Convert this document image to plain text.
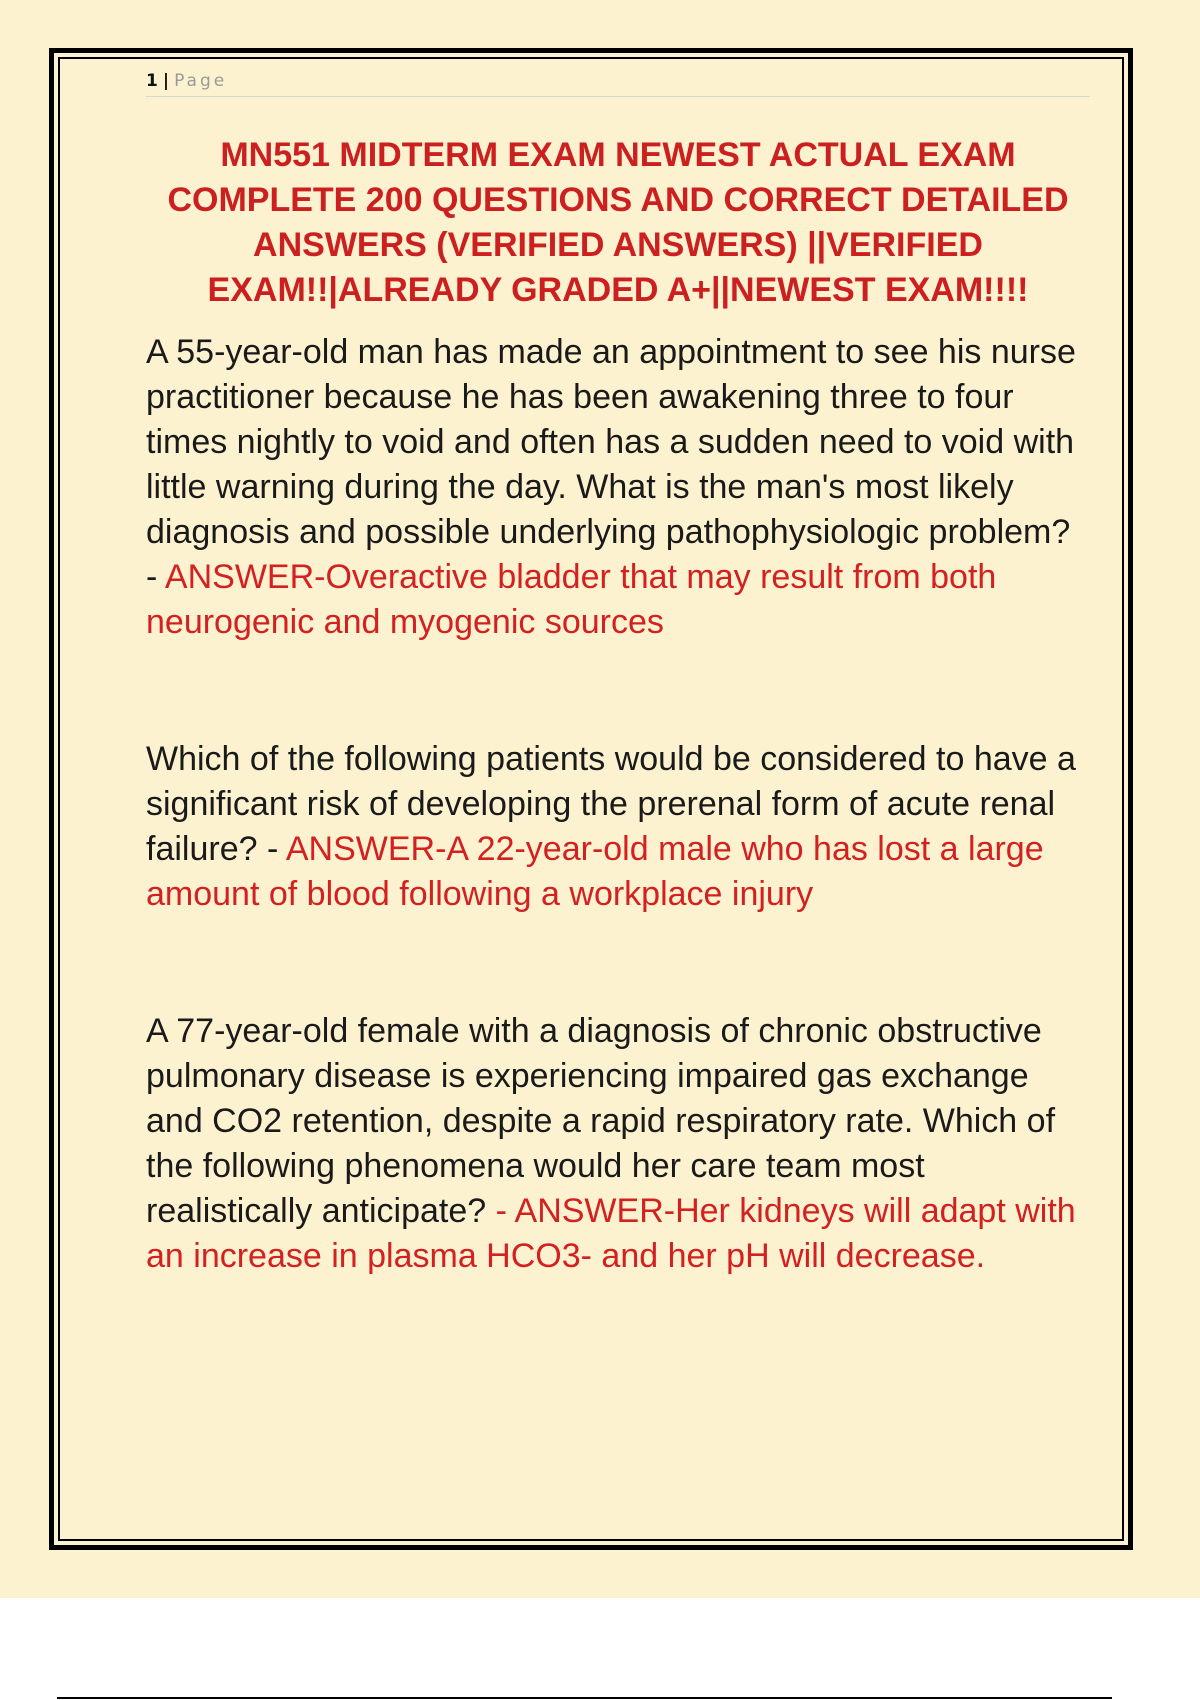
1 | Page
MN551 MIDTERM EXAM NEWEST ACTUAL EXAM COMPLETE 200 QUESTIONS AND CORRECT DETAILED ANSWERS (VERIFIED ANSWERS) ||VERIFIED EXAM!!|ALREADY GRADED A+||NEWEST EXAM!!!!
A 55-year-old man has made an appointment to see his nurse practitioner because he has been awakening three to four times nightly to void and often has a sudden need to void with little warning during the day. What is the man's most likely diagnosis and possible underlying pathophysiologic problem? - ANSWER-Overactive bladder that may result from both neurogenic and myogenic sources
Which of the following patients would be considered to have a significant risk of developing the prerenal form of acute renal failure? - ANSWER-A 22-year-old male who has lost a large amount of blood following a workplace injury
A 77-year-old female with a diagnosis of chronic obstructive pulmonary disease is experiencing impaired gas exchange and CO2 retention, despite a rapid respiratory rate. Which of the following phenomena would her care team most realistically anticipate? - ANSWER-Her kidneys will adapt with an increase in plasma HCO3- and her pH will decrease.
